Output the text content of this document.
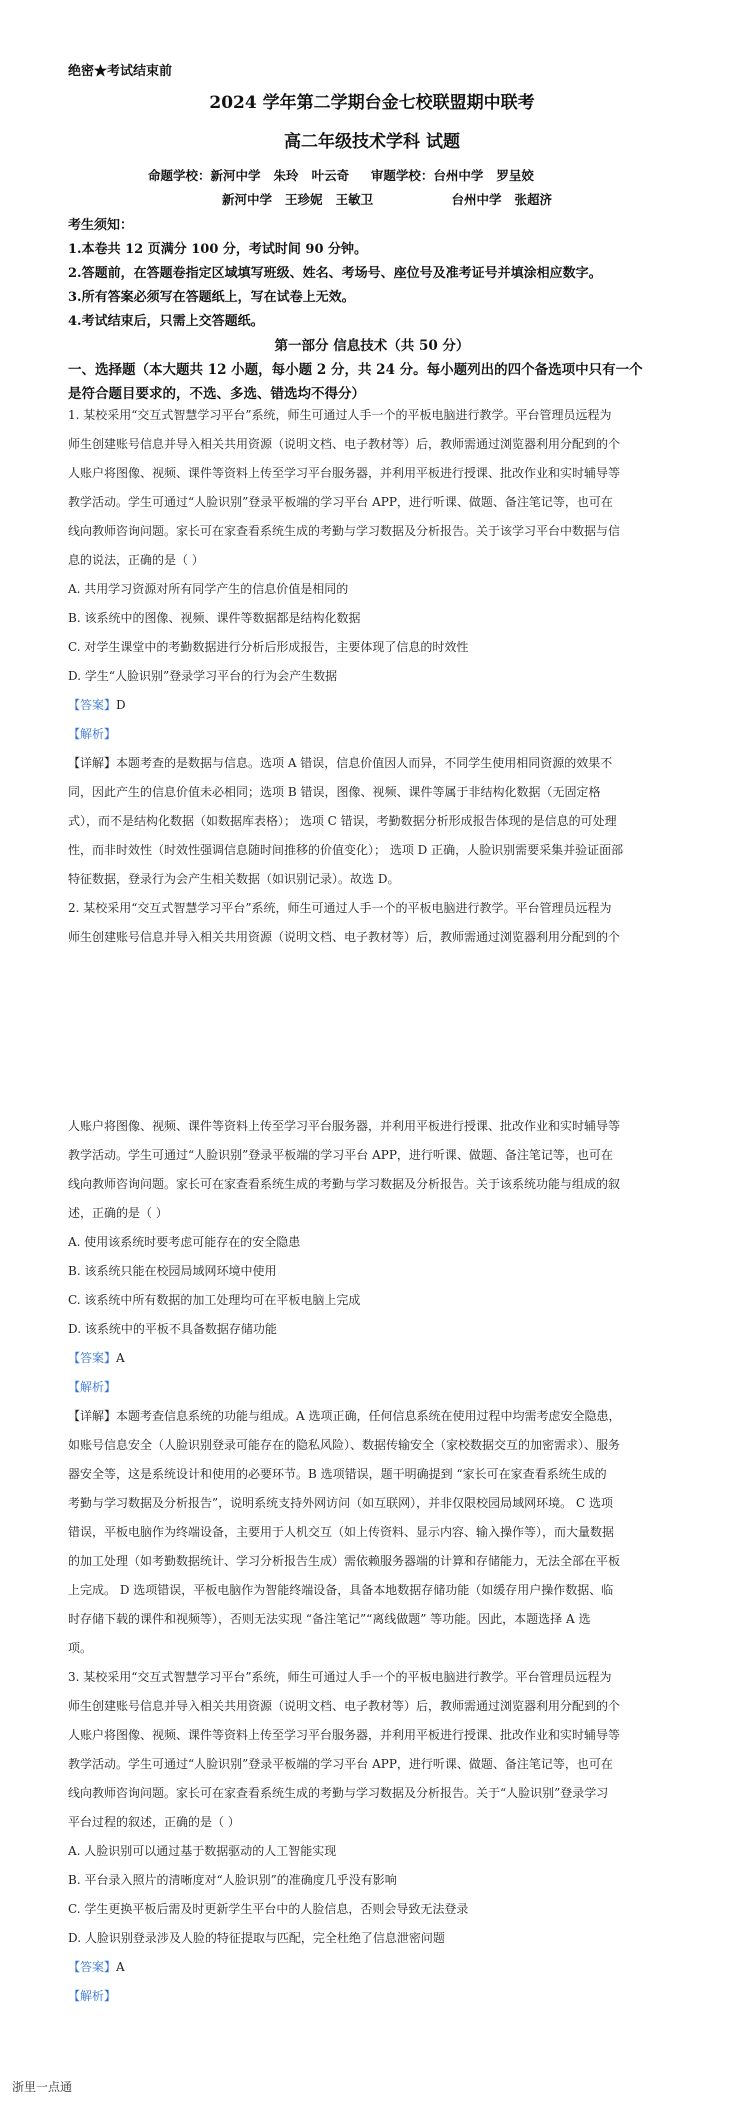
绝密★考试结束前
2024 学年第二学期台金七校联盟期中联考
高二年级技术学科 试题
命题学校：新河中学   朱玲   叶云奇     审题学校：台州中学   罗呈姣
新河中学   王珍妮   王敏卫                  台州中学   张超济
考生须知：
1.本卷共 12 页满分 100 分，考试时间 90 分钟。
2.答题前，在答题卷指定区域填写班级、姓名、考场号、座位号及准考证号并填涂相应数字。
3.所有答案必须写在答题纸上，写在试卷上无效。
4.考试结束后，只需上交答题纸。
第一部分 信息技术（共 50 分）
一、选择题（本大题共 12 小题，每小题 2 分，共 24 分。每小题列出的四个备选项中只有一个
是符合题目要求的，不选、多选、错选均不得分）
1. 某校采用“交互式智慧学习平台”系统，师生可通过人手一个的平板电脑进行教学。平台管理员远程为
师生创建账号信息并导入相关共用资源（说明文档、电子教材等）后，教师需通过浏览器利用分配到的个
人账户将图像、视频、课件等资料上传至学习平台服务器，并利用平板进行授课、批改作业和实时辅导等
教学活动。学生可通过“人脸识别”登录平板端的学习平台 APP，进行听课、做题、备注笔记等，也可在
线向教师咨询问题。家长可在家查看系统生成的考勤与学习数据及分析报告。关于该学习平台中数据与信
息的说法，正确的是（ ）
A. 共用学习资源对所有同学产生的信息价值是相同的
B. 该系统中的图像、视频、课件等数据都是结构化数据
C. 对学生课堂中的考勤数据进行分析后形成报告，主要体现了信息的时效性
D. 学生“人脸识别”登录学习平台的行为会产生数据
【答案】D
【解析】
【详解】本题考查的是数据与信息。选项 A 错误，信息价值因人而异，不同学生使用相同资源的效果不
同，因此产生的信息价值未必相同；选项 B 错误，图像、视频、课件等属于非结构化数据（无固定格
式），而不是结构化数据（如数据库表格）； 选项 C 错误，考勤数据分析形成报告体现的是信息的可处理
性，而非时效性（时效性强调信息随时间推移的价值变化）； 选项 D 正确，人脸识别需要采集并验证面部
特征数据，登录行为会产生相关数据（如识别记录）。故选 D。
2. 某校采用“交互式智慧学习平台”系统，师生可通过人手一个的平板电脑进行教学。平台管理员远程为
师生创建账号信息并导入相关共用资源（说明文档、电子教材等）后，教师需通过浏览器利用分配到的个
人账户将图像、视频、课件等资料上传至学习平台服务器，并利用平板进行授课、批改作业和实时辅导等
教学活动。学生可通过“人脸识别”登录平板端的学习平台 APP，进行听课、做题、备注笔记等，也可在
线向教师咨询问题。家长可在家查看系统生成的考勤与学习数据及分析报告。关于该系统功能与组成的叙
述，正确的是（ ）
A. 使用该系统时要考虑可能存在的安全隐患
B. 该系统只能在校园局域网环境中使用
C. 该系统中所有数据的加工处理均可在平板电脑上完成
D. 该系统中的平板不具备数据存储功能
【答案】A
【解析】
【详解】本题考查信息系统的功能与组成。A 选项正确，任何信息系统在使用过程中均需考虑安全隐患，
如账号信息安全（人脸识别登录可能存在的隐私风险）、数据传输安全（家校数据交互的加密需求）、服务
器安全等，这是系统设计和使用的必要环节。B 选项错误，题干明确提到 “家长可在家查看系统生成的
考勤与学习数据及分析报告”，说明系统支持外网访问（如互联网），并非仅限校园局域网环境。 C 选项
错误，平板电脑作为终端设备，主要用于人机交互（如上传资料、显示内容、输入操作等），而大量数据
的加工处理（如考勤数据统计、学习分析报告生成）需依赖服务器端的计算和存储能力，无法全部在平板
上完成。 D 选项错误，平板电脑作为智能终端设备，具备本地数据存储功能（如缓存用户操作数据、临
时存储下载的课件和视频等），否则无法实现 “备注笔记”“离线做题” 等功能。因此，本题选择 A 选
项。
3. 某校采用“交互式智慧学习平台”系统，师生可通过人手一个的平板电脑进行教学。平台管理员远程为
师生创建账号信息并导入相关共用资源（说明文档、电子教材等）后，教师需通过浏览器利用分配到的个
人账户将图像、视频、课件等资料上传至学习平台服务器，并利用平板进行授课、批改作业和实时辅导等
教学活动。学生可通过“人脸识别”登录平板端的学习平台 APP，进行听课、做题、备注笔记等，也可在
线向教师咨询问题。家长可在家查看系统生成的考勤与学习数据及分析报告。关于“人脸识别”登录学习
平台过程的叙述，正确的是（ ）
A. 人脸识别可以通过基于数据驱动的人工智能实现
B. 平台录入照片的清晰度对“人脸识别”的准确度几乎没有影响
C. 学生更换平板后需及时更新学生平台中的人脸信息，否则会导致无法登录
D. 人脸识别登录涉及人脸的特征提取与匹配，完全杜绝了信息泄密问题
【答案】A
【解析】
浙里一点通
